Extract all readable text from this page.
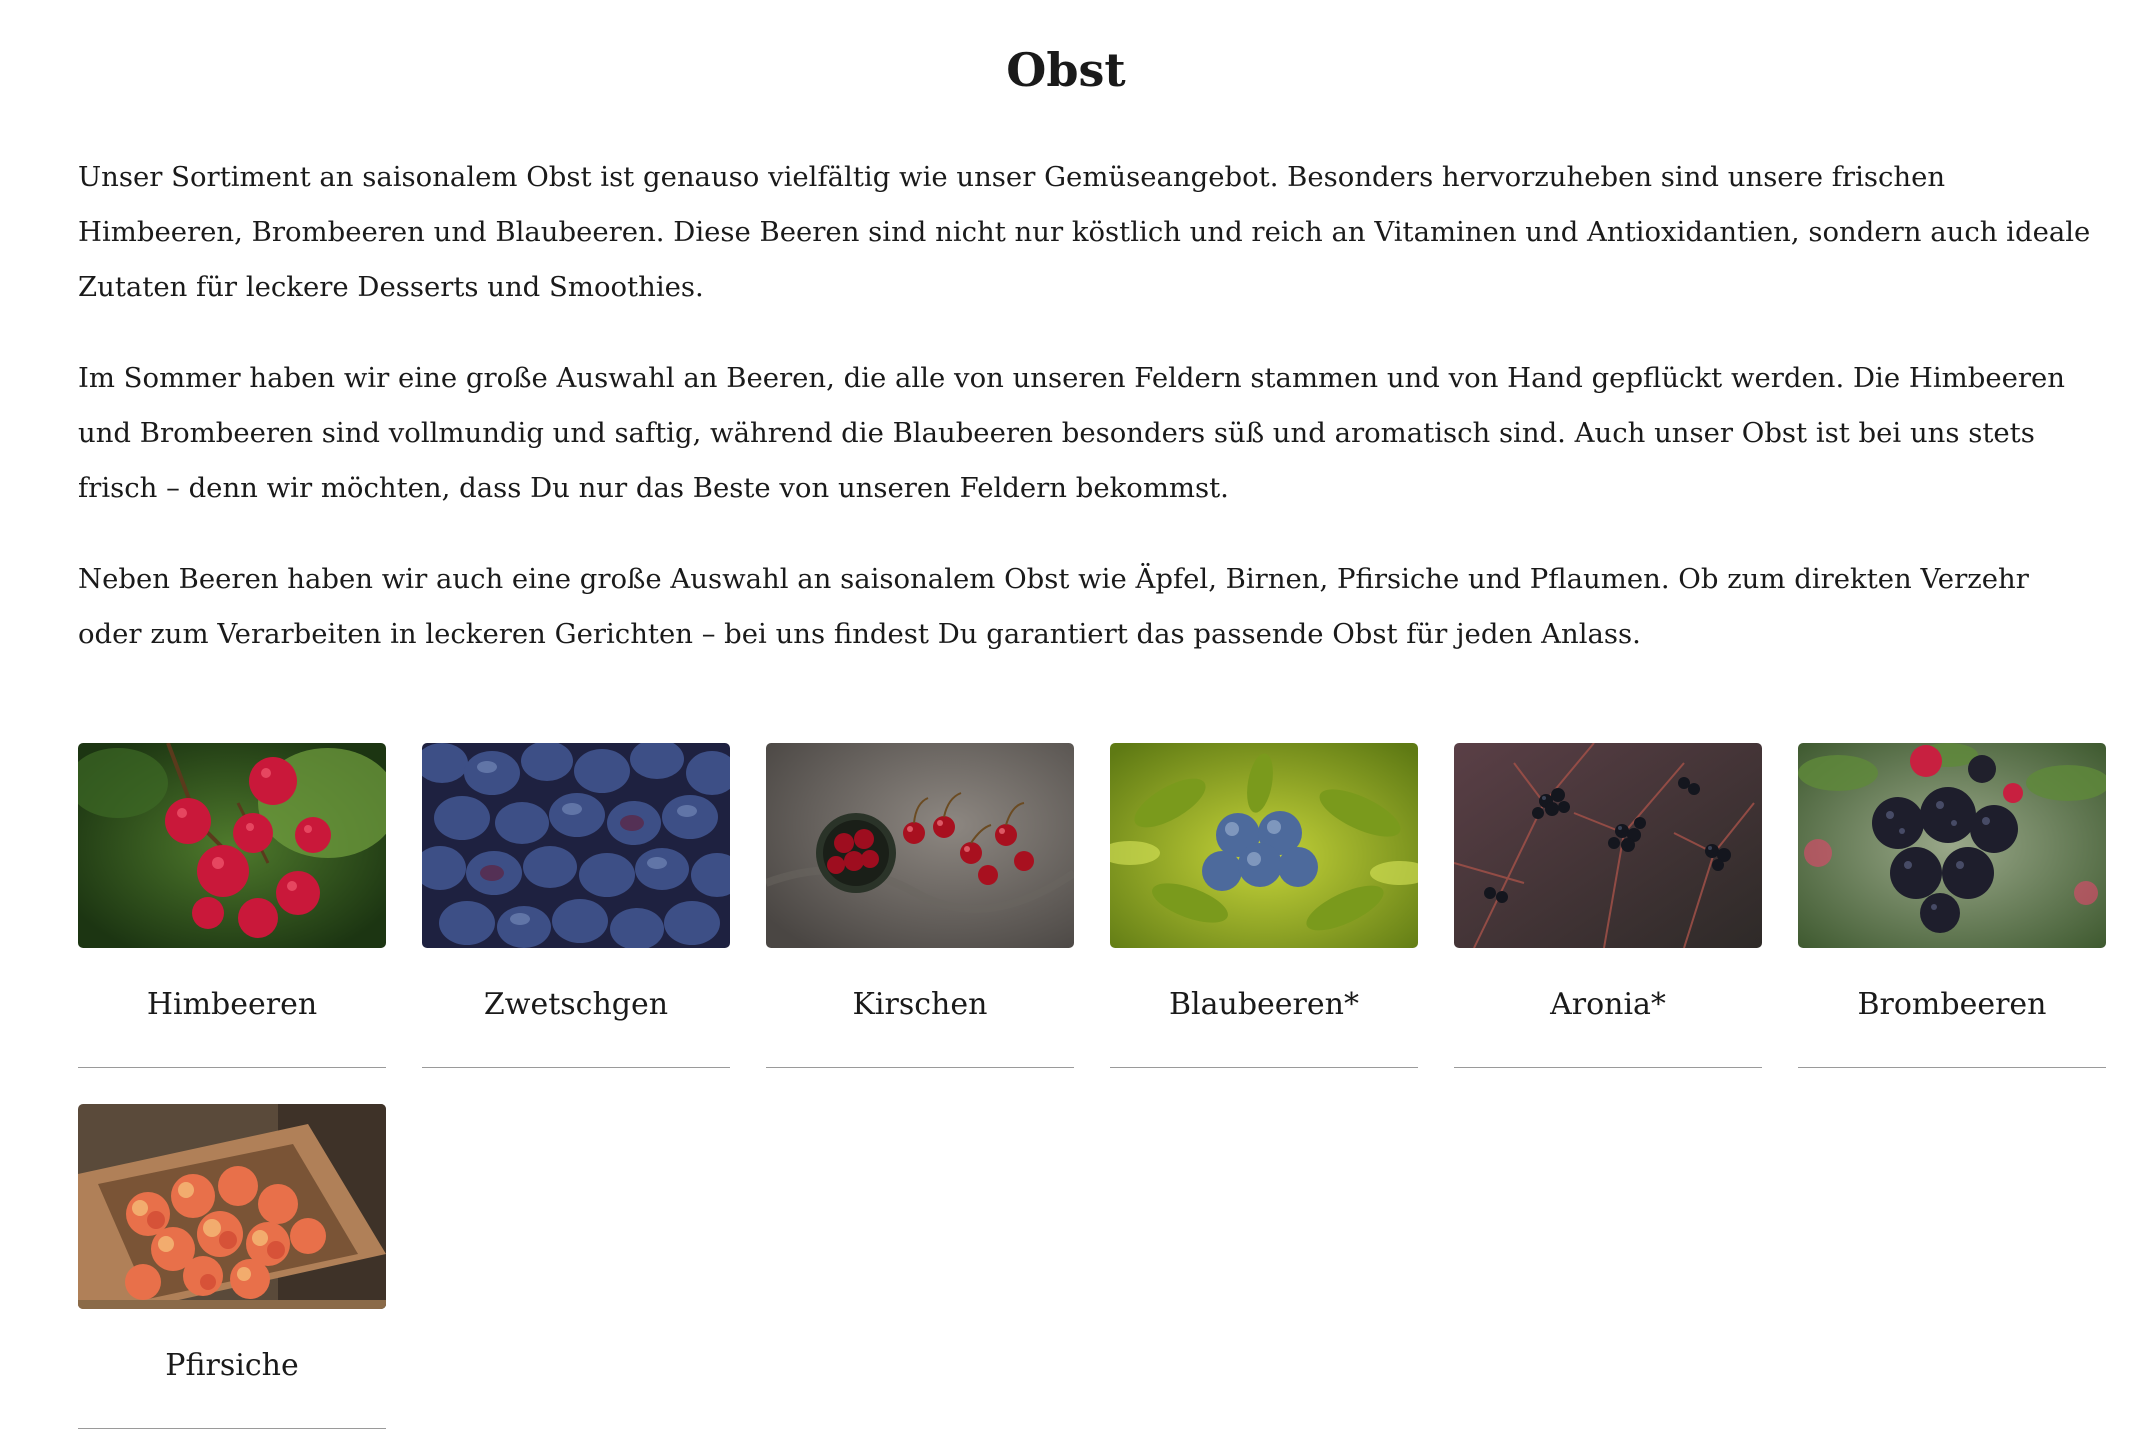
Obst

Unser Sortiment an saisonalem Obst ist genauso vielfältig wie unser Gemüseangebot. Besonders hervorzuheben sind unsere frischen Himbeeren, Brombeeren und Blaubeeren. Diese Beeren sind nicht nur köstlich und reich an Vitaminen und Antioxidantien, sondern auch ideale Zutaten für leckere Desserts und Smoothies.

Im Sommer haben wir eine große Auswahl an Beeren, die alle von unseren Feldern stammen und von Hand gepflückt werden. Die Himbeeren und Brombeeren sind vollmundig und saftig, während die Blaubeeren besonders süß und aromatisch sind. Auch unser Obst ist bei uns stets frisch – denn wir möchten, dass Du nur das Beste von unseren Feldern bekommst.

Neben Beeren haben wir auch eine große Auswahl an saisonalem Obst wie Äpfel, Birnen, Pfirsiche und Pflaumen. Ob zum direkten Verzehr oder zum Verarbeiten in leckeren Gerichten – bei uns findest Du garantiert das passende Obst für jeden Anlass.

Himbeeren	Zwetschgen	Kirschen	Blaubeeren*	Aronia*	Brombeeren
Pfirsiche
